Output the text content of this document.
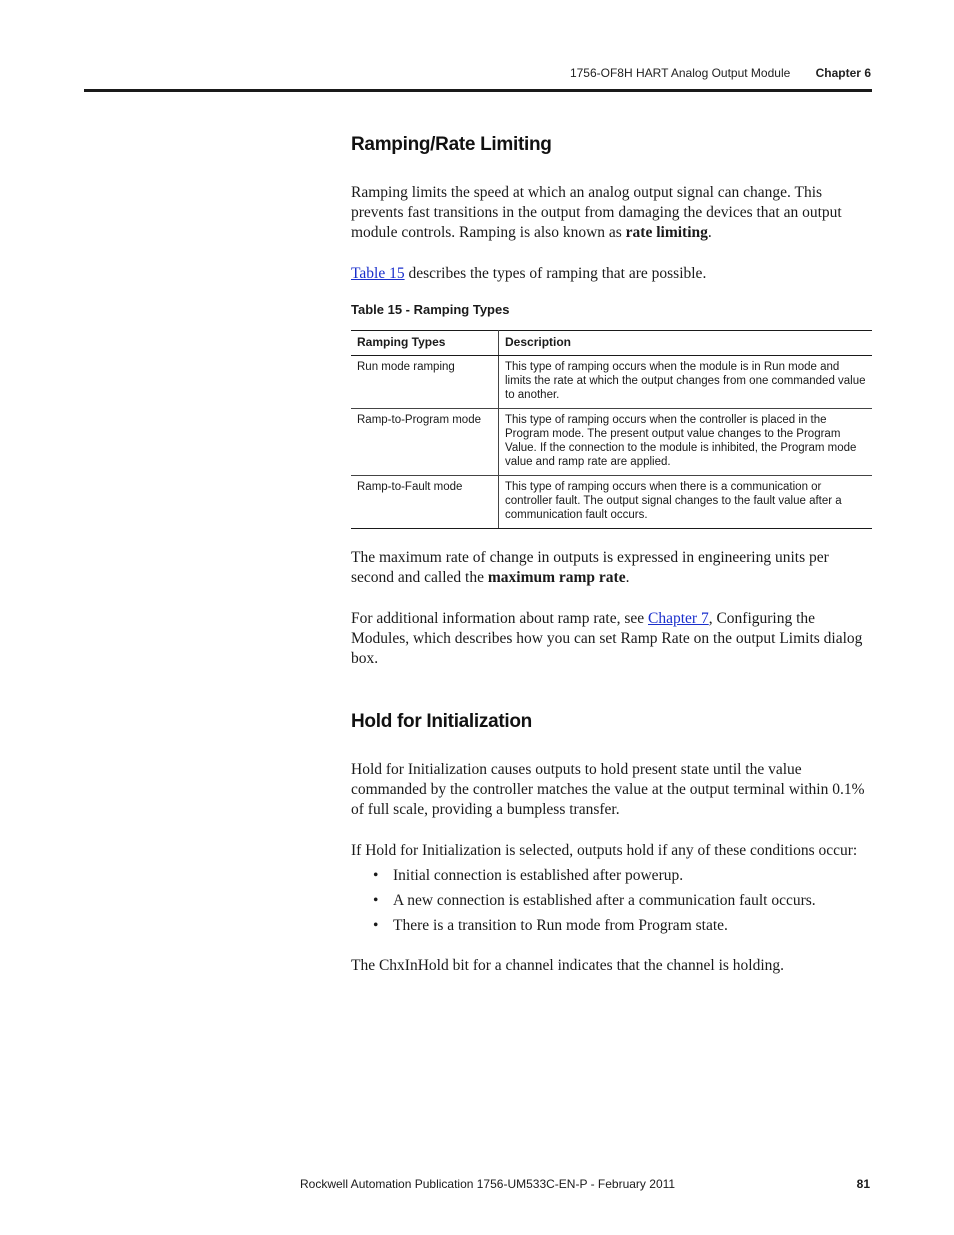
1756-OF8H HART Analog Output Module Chapter 6
Ramping/Rate Limiting

Ramping limits the speed at which an analog output signal can change. This prevents fast transitions in the output from damaging the devices that an output module controls. Ramping is also known as rate limiting.

Table 15 describes the types of ramping that are possible.

Table 15 - Ramping Types
Ramping Types	Description
Run mode ramping	This type of ramping occurs when the module is in Run mode and limits the rate at which the output changes from one commanded value to another.
Ramp-to-Program mode	This type of ramping occurs when the controller is placed in the Program mode. The present output value changes to the Program Value. If the connection to the module is inhibited, the Program mode value and ramp rate are applied.
Ramp-to-Fault mode	This type of ramping occurs when there is a communication or controller fault. The output signal changes to the fault value after a communication fault occurs.

The maximum rate of change in outputs is expressed in engineering units per second and called the maximum ramp rate.

For additional information about ramp rate, see Chapter 7, Configuring the Modules, which describes how you can set Ramp Rate on the output Limits dialog box.

Hold for Initialization

Hold for Initialization causes outputs to hold present state until the value commanded by the controller matches the value at the output terminal within 0.1% of full scale, providing a bumpless transfer.

If Hold for Initialization is selected, outputs hold if any of these conditions occur:

• Initial connection is established after powerup.
• A new connection is established after a communication fault occurs.
• There is a transition to Run mode from Program state.

The ChxInHold bit for a channel indicates that the channel is holding.

Rockwell Automation Publication 1756-UM533C-EN-P - February 2011	81
